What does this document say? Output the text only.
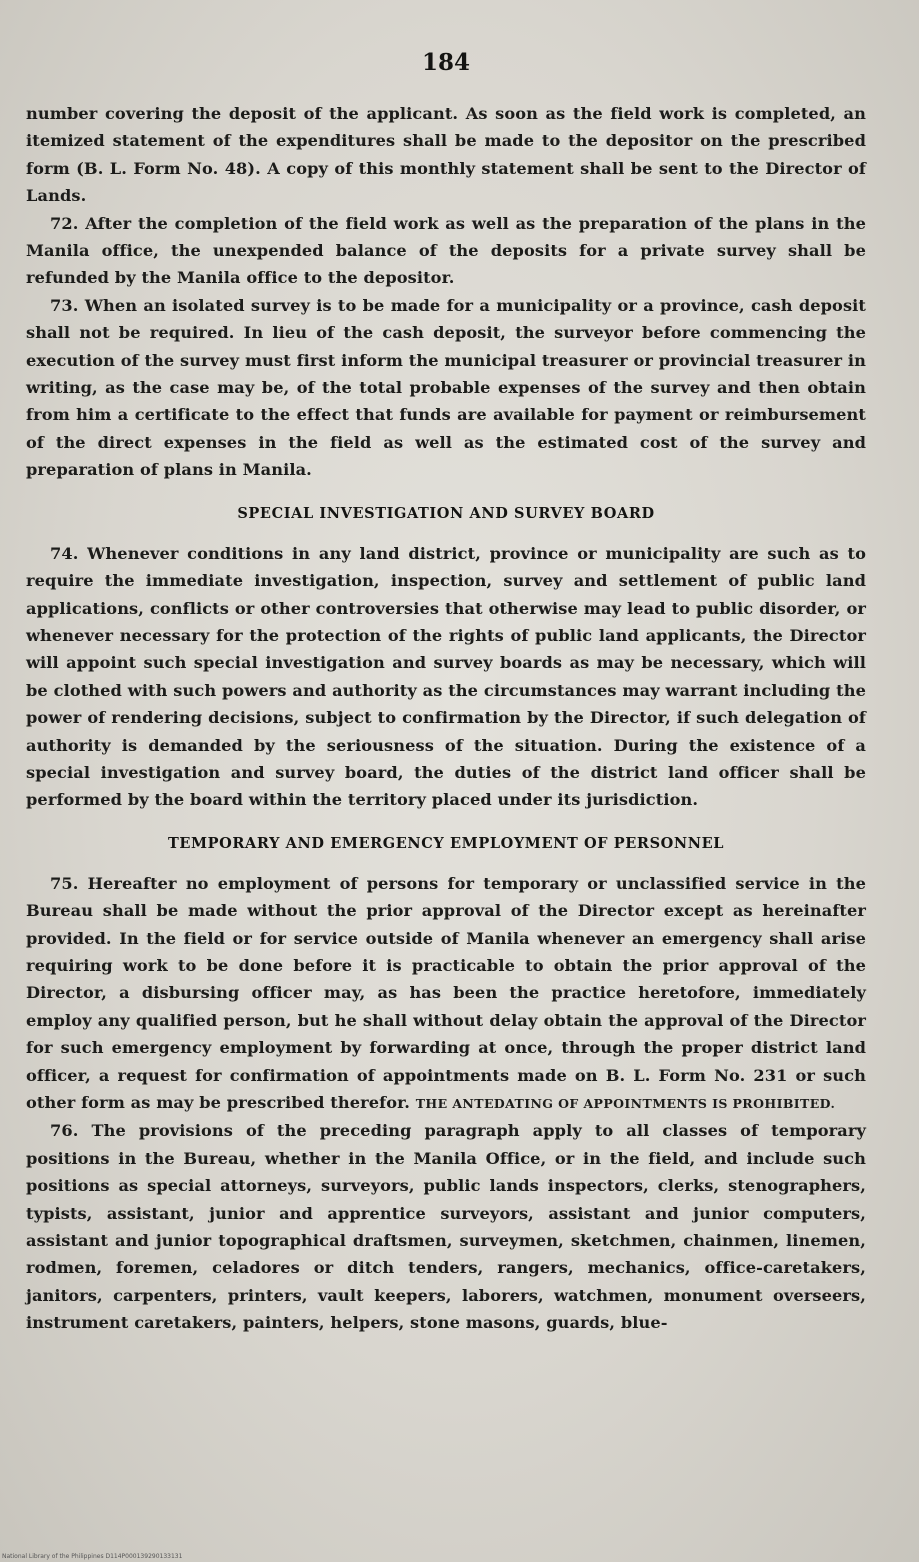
184

number covering the deposit of the applicant. As soon as the field work is completed, an itemized statement of the expenditures shall be made to the depositor on the prescribed form (B. L. Form No. 48). A copy of this monthly statement shall be sent to the Director of Lands.

72. After the completion of the field work as well as the preparation of the plans in the Manila office, the unexpended balance of the deposits for a private survey shall be refunded by the Manila office to the depositor.

73. When an isolated survey is to be made for a municipality or a province, cash deposit shall not be required. In lieu of the cash deposit, the surveyor before commencing the execution of the survey must first inform the municipal treasurer or provincial treasurer in writing, as the case may be, of the total probable expenses of the survey and then obtain from him a certificate to the effect that funds are available for payment or reimbursement of the direct expenses in the field as well as the estimated cost of the survey and preparation of plans in Manila.

SPECIAL INVESTIGATION AND SURVEY BOARD

74. Whenever conditions in any land district, province or municipality are such as to require the immediate investigation, inspection, survey and settlement of public land applications, conflicts or other controversies that otherwise may lead to public disorder, or whenever necessary for the protection of the rights of public land applicants, the Director will appoint such special investigation and survey boards as may be necessary, which will be clothed with such powers and authority as the circumstances may warrant including the power of rendering decisions, subject to confirmation by the Director, if such delegation of authority is demanded by the seriousness of the situation. During the existence of a special investigation and survey board, the duties of the district land officer shall be performed by the board within the territory placed under its jurisdiction.

TEMPORARY AND EMERGENCY EMPLOYMENT OF PERSONNEL

75. Hereafter no employment of persons for temporary or unclassified service in the Bureau shall be made without the prior approval of the Director except as hereinafter provided. In the field or for service outside of Manila whenever an emergency shall arise requiring work to be done before it is practicable to obtain the prior approval of the Director, a disbursing officer may, as has been the practice heretofore, immediately employ any qualified person, but he shall without delay obtain the approval of the Director for such emergency employment by forwarding at once, through the proper district land officer, a request for confirmation of appointments made on B. L. Form No. 231 or such other form as may be prescribed therefor. THE ANTEDATING OF APPOINTMENTS IS PROHIBITED.

76. The provisions of the preceding paragraph apply to all classes of temporary positions in the Bureau, whether in the Manila Office, or in the field, and include such positions as special attorneys, surveyors, public lands inspectors, clerks, stenographers, typists, assistant, junior and apprentice surveyors, assistant and junior computers, assistant and junior topographical draftsmen, surveymen, sketchmen, chainmen, linemen, rodmen, foremen, celadores or ditch tenders, rangers, mechanics, office-caretakers, janitors, carpenters, printers, vault keepers, laborers, watchmen, monument overseers, instrument caretakers, painters, helpers, stone masons, guards, blue-

National Library of the Philippines D114P000139290133131
